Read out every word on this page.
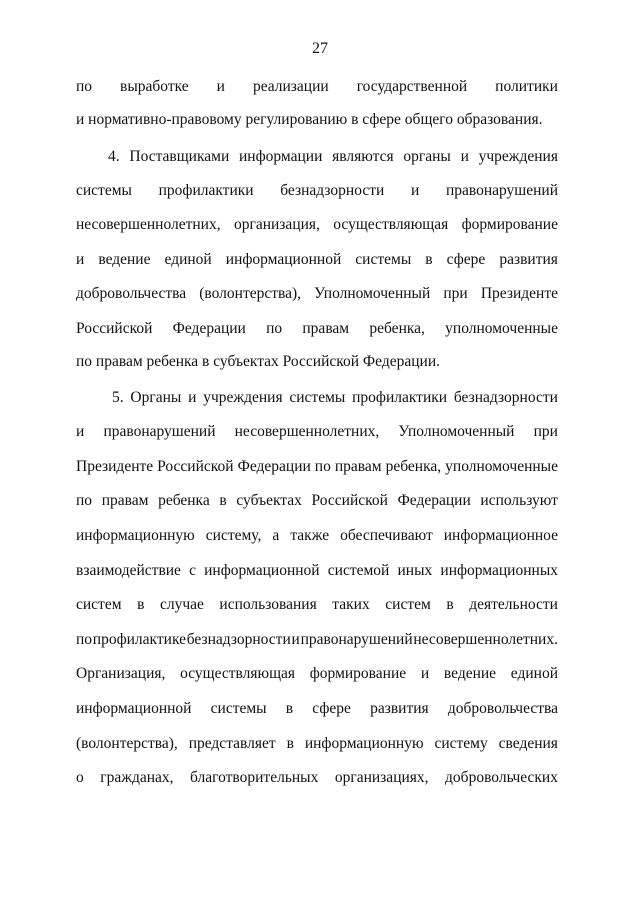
27
по выработке и реализации государственной политики
и нормативно-правовому регулированию в сфере общего образования.
4. Поставщиками информации являются органы и учреждения
системы профилактики безнадзорности и правонарушений
несовершеннолетних, организация, осуществляющая формирование
и ведение единой информационной системы в сфере развития
добровольчества (волонтерства), Уполномоченный при Президенте
Российской Федерации по правам ребенка, уполномоченные
по правам ребенка в субъектах Российской Федерации.
5. Органы и учреждения системы профилактики безнадзорности
и правонарушений несовершеннолетних, Уполномоченный при
Президенте Российской Федерации по правам ребенка, уполномоченные
по правам ребенка в субъектах Российской Федерации используют
информационную систему, а также обеспечивают информационное
взаимодействие с информационной системой иных информационных
систем в случае использования таких систем в деятельности
по профилактике безнадзорности и правонарушений несовершеннолетних.
Организация, осуществляющая формирование и ведение единой
информационной системы в сфере развития добровольчества
(волонтерства), представляет в информационную систему сведения
о гражданах, благотворительных организациях, добровольческих
